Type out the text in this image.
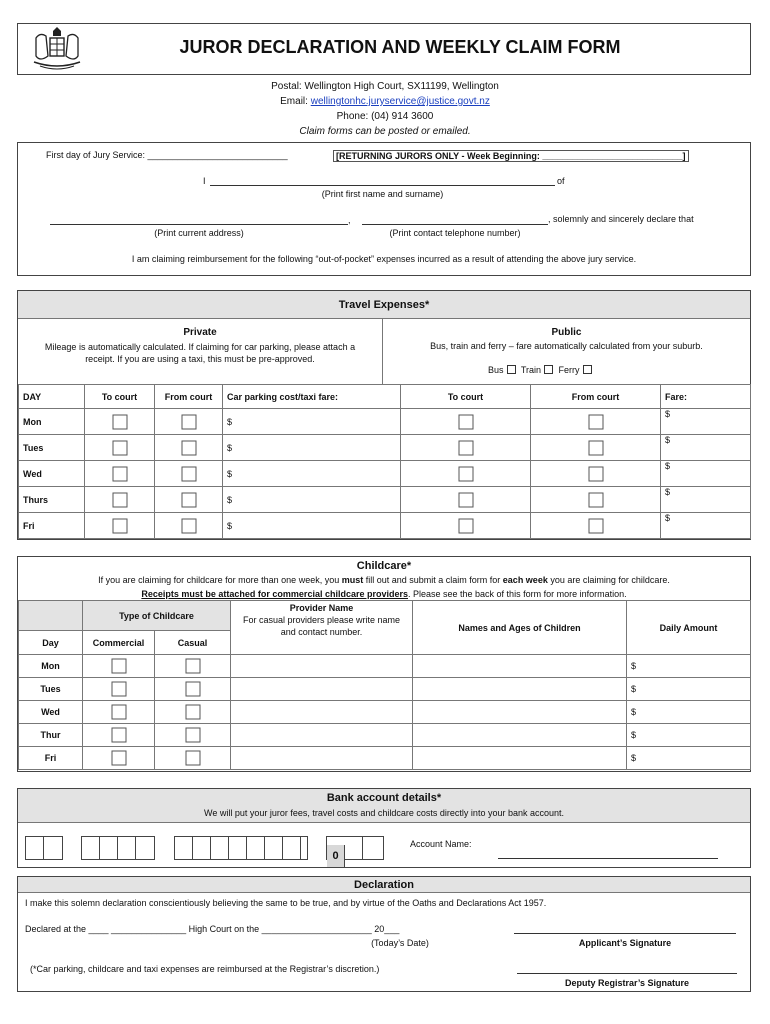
JUROR DECLARATION AND WEEKLY CLAIM FORM
Postal: Wellington High Court, SX11199, Wellington
Email: wellingtonhc.juryservice@justice.govt.nz
Phone: (04) 914 3600
Claim forms can be posted or emailed.
First day of Jury Service: ____________________________	[RETURNING JURORS ONLY - Week Beginning: ____________________________]
I	of
(Print first name and surname)
,	, solemnly and sincerely declare that
(Print current address)	(Print contact telephone number)
I am claiming reimbursement for the following “out-of-pocket” expenses incurred as a result of attending the above jury service.
Travel Expenses*
Private
Mileage is automatically calculated. If claiming for car parking, please attach a receipt. If you are using a taxi, this must be pre-approved.
Public
Bus, train and ferry – fare automatically calculated from your suburb.
Bus Train Ferry
DAY	To court	From court	Car parking cost/taxi fare:	To court	From court	Fare:
Mon			$			$
Tues			$			$
Wed			$			$
Thurs			$			$
Fri			$			$
Childcare*
If you are claiming for childcare for more than one week, you must fill out and submit a claim form for each week you are claiming for childcare.
Receipts must be attached for commercial childcare providers. Please see the back of this form for more information.
	Type of Childcare		Provider Name
For casual providers please write name and contact number.	Names and Ages of Children	Daily Amount
Day	Commercial	Casual			
Mon					$
Tues					$
Wed					$
Thur					$
Fri					$
Bank account details*
We will put your juror fees, travel costs and childcare costs directly into your bank account.
0
Account Name:
Declaration
I make this solemn declaration conscientiously believing the same to be true, and by virtue of the Oaths and Declarations Act 1957.
Declared at the ____ _______________ High Court on the ______________________ 20___
(Today’s Date)	Applicant’s Signature
(*Car parking, childcare and taxi expenses are reimbursed at the Registrar’s discretion.)
Deputy Registrar’s Signature
